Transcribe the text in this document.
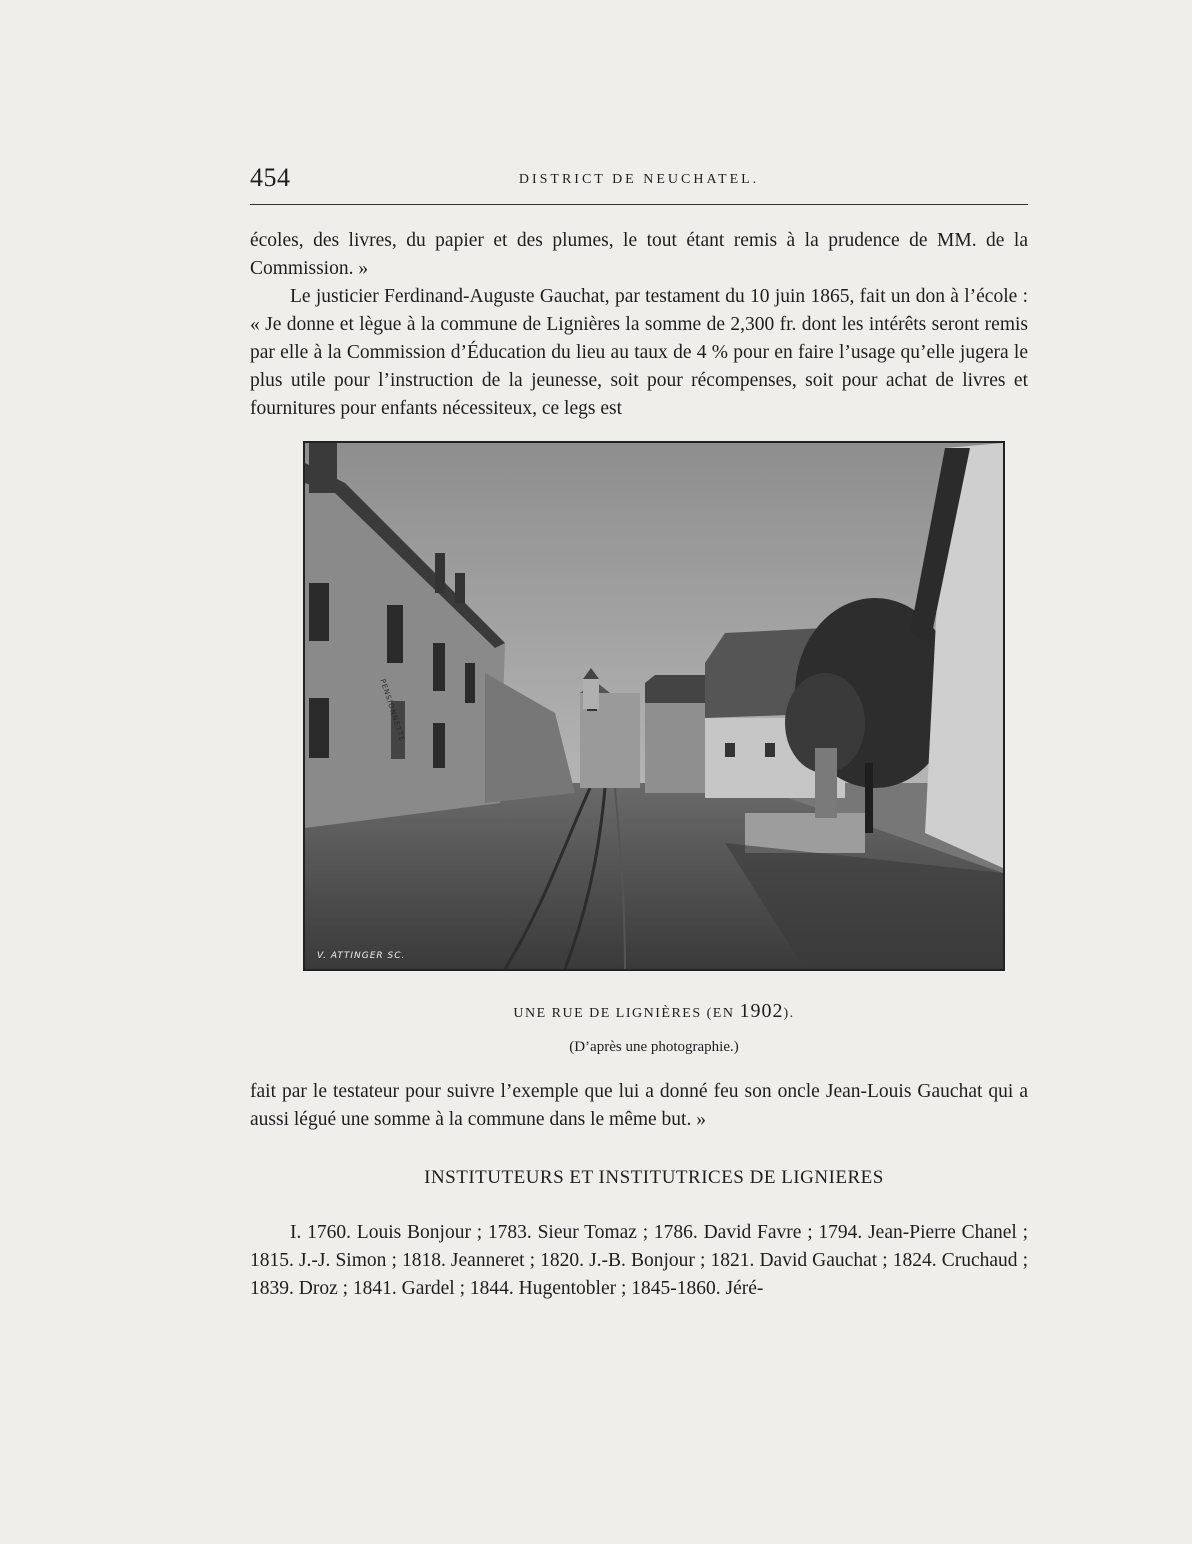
454	DISTRICT DE NEUCHATEL.

écoles, des livres, du papier et des plumes, le tout étant remis à la prudence de MM. de la Commission. »

Le justicier Ferdinand-Auguste Gauchat, par testament du 10 juin 1865, fait un don à l’école : « Je donne et lègue à la commune de Lignières la somme de 2,300 fr. dont les intérêts seront remis par elle à la Commission d’Éducation du lieu au taux de 4 % pour en faire l’usage qu’elle jugera le plus utile pour l’instruction de la jeunesse, soit pour récompenses, soit pour achat de livres et fournitures pour enfants nécessiteux, ce legs est

V. ATTINGER SC.
PENSIONNETTE
UNE RUE DE LIGNIÈRES (EN 1902).
(D’après une photographie.)

fait par le testateur pour suivre l’exemple que lui a donné feu son oncle Jean-Louis Gauchat qui a aussi légué une somme à la commune dans le même but. »

INSTITUTEURS ET INSTITUTRICES DE LIGNIERES

I. 1760. Louis Bonjour ; 1783. Sieur Tomaz ; 1786. David Favre ; 1794. Jean-Pierre Chanel ; 1815. J.-J. Simon ; 1818. Jeanneret ; 1820. J.-B. Bonjour ; 1821. David Gauchat ; 1824. Cruchaud ; 1839. Droz ; 1841. Gardel ; 1844. Hugentobler ; 1845-1860. Jéré-
